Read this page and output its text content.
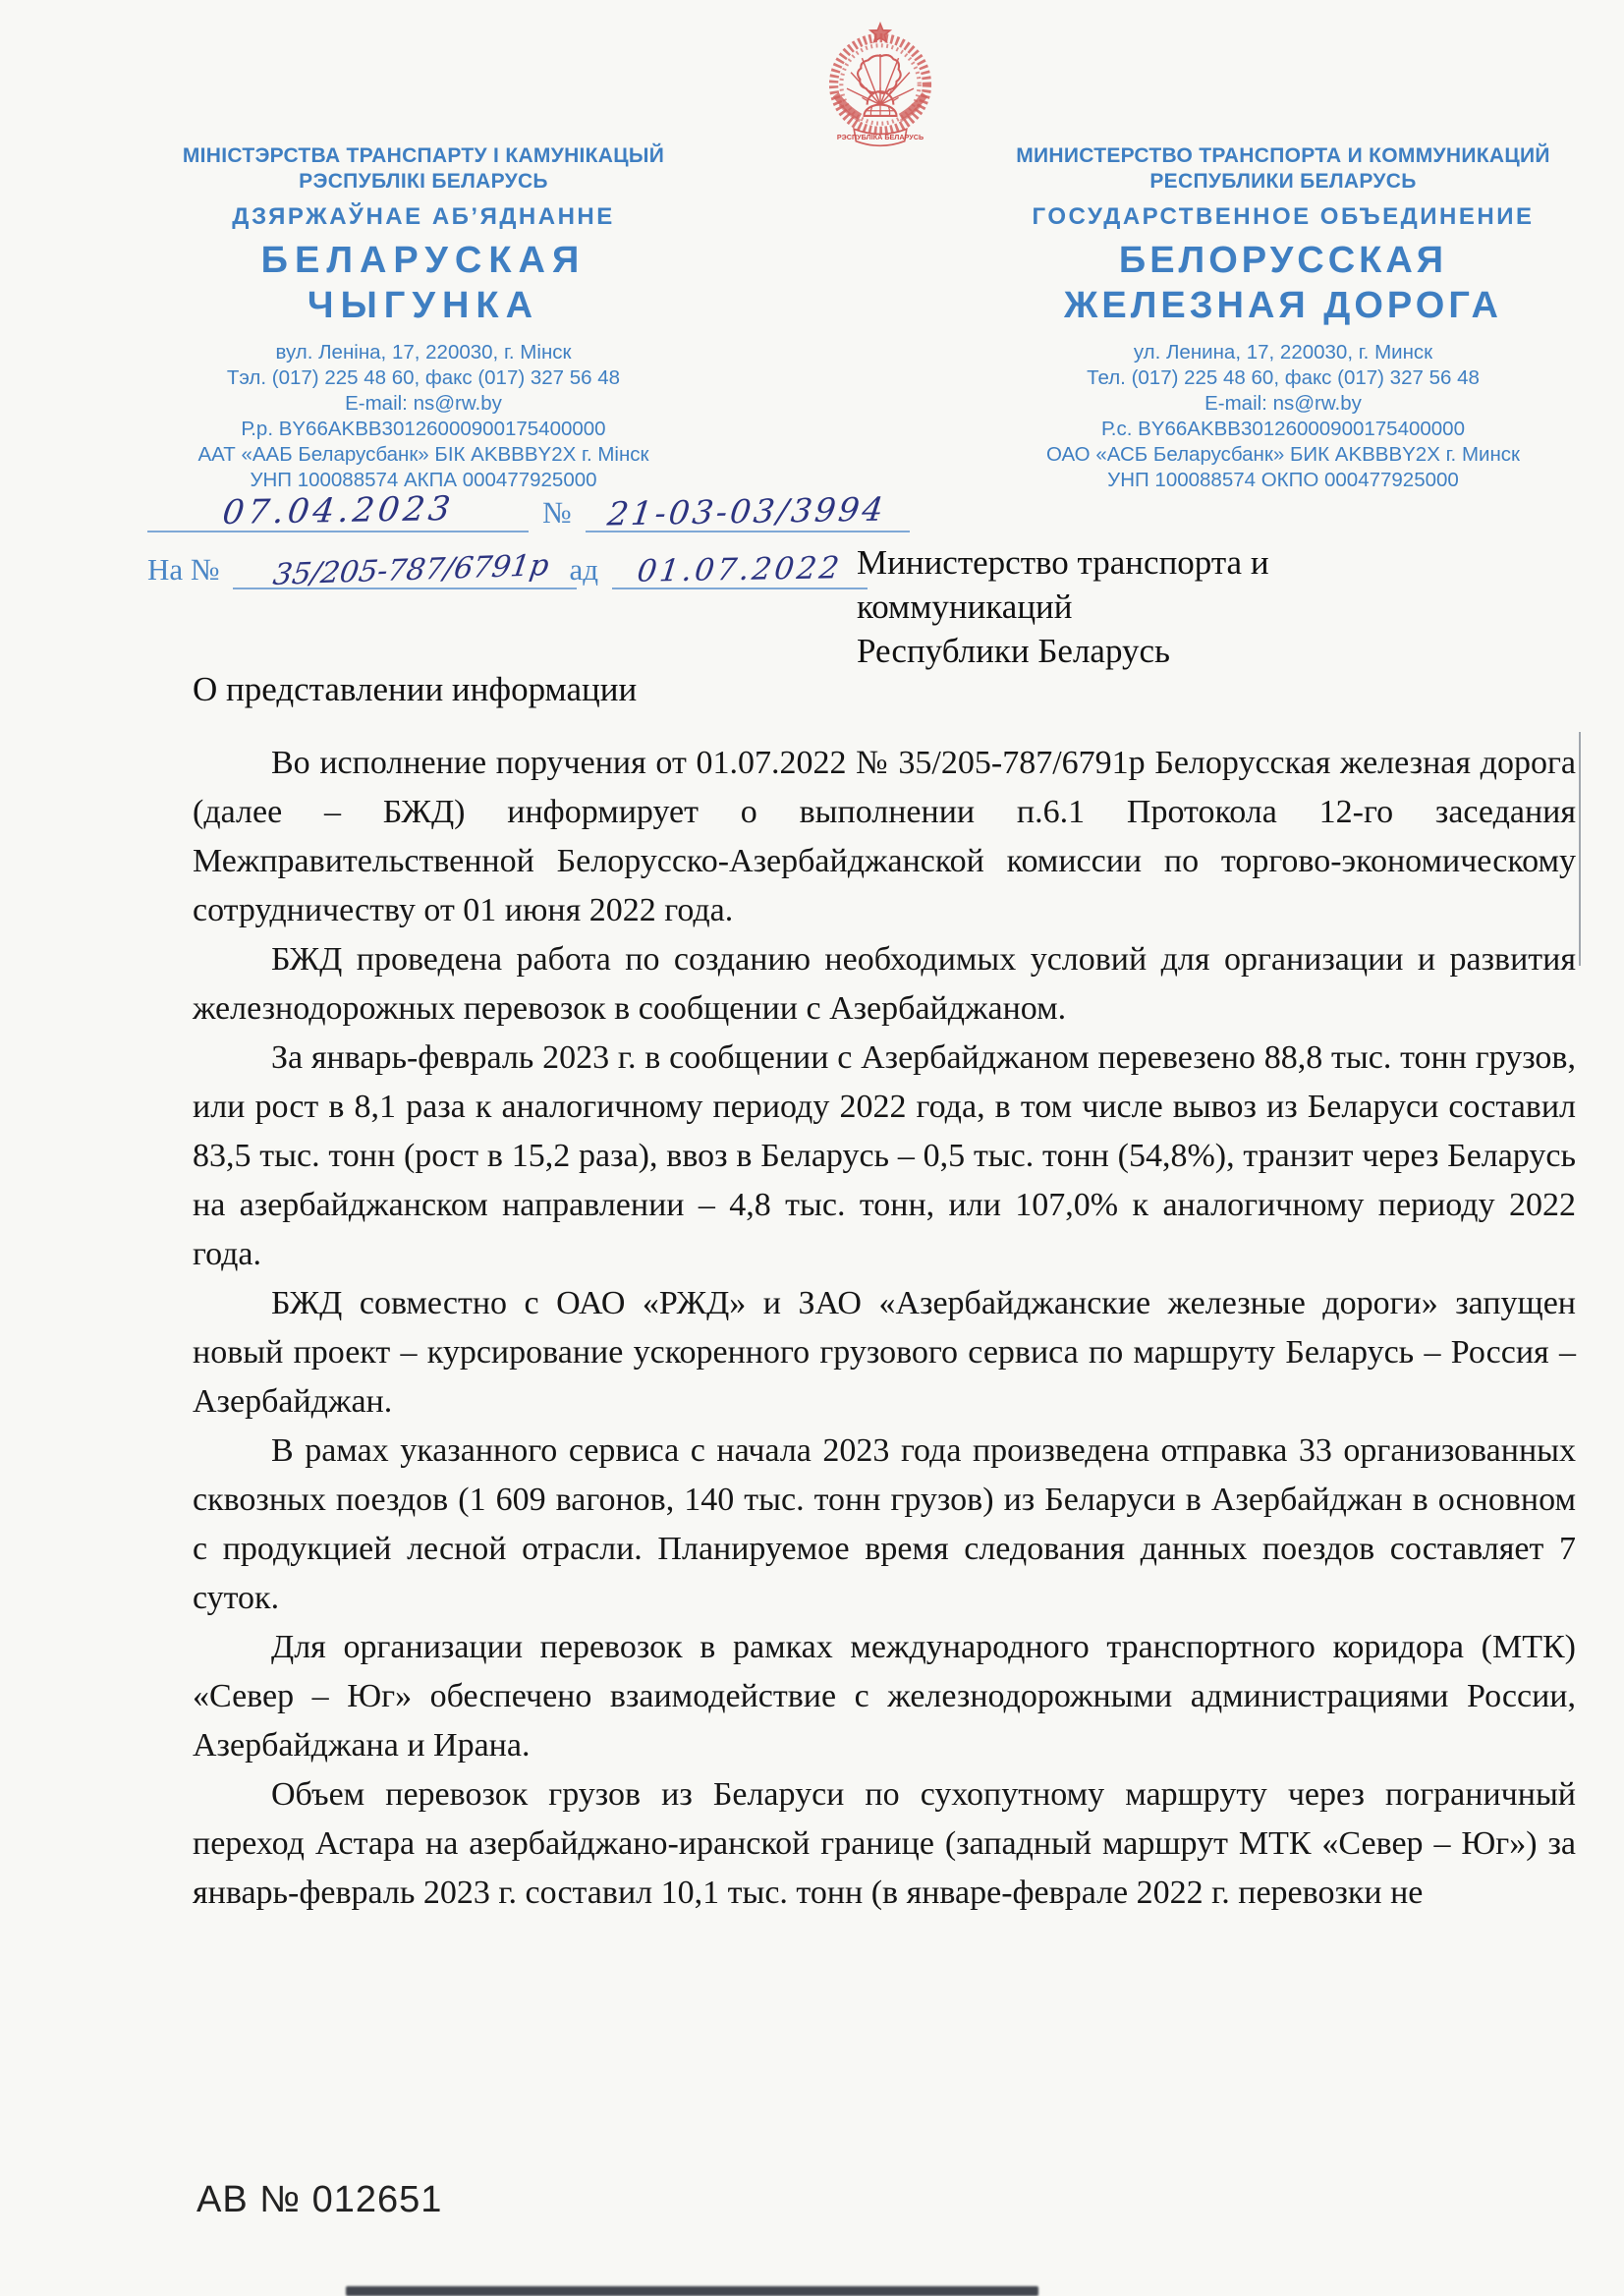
РЭСПУБЛІКА БЕЛАРУСЬ
МІНІСТЭРСТВА ТРАНСПАРТУ І КАМУНІКАЦЫЙ
РЭСПУБЛІКІ БЕЛАРУСЬ
ДЗЯРЖАЎНАЕ АБ’ЯДНАННЕ
БЕЛАРУСКАЯ
ЧЫГУНКА
вул. Леніна, 17, 220030, г. Мінск
Тэл. (017) 225 48 60, факс (017) 327 56 48
E-mail: ns@rw.by
Р.р. BY66AKBB30126000900175400000
ААТ «ААБ Беларусбанк» БІК AKBBBY2X г. Мінск
УНП 100088574 АКПА 000477925000
МИНИСТЕРСТВО ТРАНСПОРТА И КОММУНИКАЦИЙ
РЕСПУБЛИКИ БЕЛАРУСЬ
ГОСУДАРСТВЕННОЕ ОБЪЕДИНЕНИЕ
БЕЛОРУССКАЯ
ЖЕЛЕЗНАЯ ДОРОГА
ул. Ленина, 17, 220030, г. Минск
Тел. (017) 225 48 60, факс (017) 327 56 48
E-mail: ns@rw.by
Р.с. BY66AKBB30126000900175400000
ОАО «АСБ Беларусбанк» БИК AKBBBY2X г. Минск
УНП 100088574 ОКПО 000477925000
07.04.2023	№	21-03-03/3994
На №	35/205-787/6791р ад	01.07.2022 Министерство транспорта и
коммуникаций
Республики Беларусь
О представлении информации

Во исполнение поручения от 01.07.2022 № 35/205-787/6791р Белорусская железная дорога (далее – БЖД) информирует о выполнении п.6.1 Протокола 12-го заседания Межправительственной Белорусско-Азербайджанской комиссии по торгово-экономическому сотрудничеству от 01 июня 2022 года.

БЖД проведена работа по созданию необходимых условий для организации и развития железнодорожных перевозок в сообщении с Азербайджаном.

За январь-февраль 2023 г. в сообщении с Азербайджаном перевезено 88,8 тыс. тонн грузов, или рост в 8,1 раза к аналогичному периоду 2022 года, в том числе вывоз из Беларуси составил 83,5 тыс. тонн (рост в 15,2 раза), ввоз в Беларусь – 0,5 тыс. тонн (54,8%), транзит через Беларусь на азербайджанском направлении – 4,8 тыс. тонн, или 107,0% к аналогичному периоду 2022 года.

БЖД совместно с ОАО «РЖД» и ЗАО «Азербайджанские железные дороги» запущен новый проект – курсирование ускоренного грузового сервиса по маршруту Беларусь – Россия – Азербайджан.

В рамах указанного сервиса с начала 2023 года произведена отправка 33 организованных сквозных поездов (1 609 вагонов, 140 тыс. тонн грузов) из Беларуси в Азербайджан в основном с продукцией лесной отрасли. Планируемое время следования данных поездов составляет 7 суток.

Для организации перевозок в рамках международного транспортного коридора (МТК) «Север – Юг» обеспечено взаимодействие с железнодорожными администрациями России, Азербайджана и Ирана.

Объем перевозок грузов из Беларуси по сухопутному маршруту через пограничный переход Астара на азербайджано-иранской границе (западный маршрут МТК «Север – Юг») за январь-февраль 2023 г. составил 10,1 тыс. тонн (в январе-феврале 2022 г. перевозки не

АВ № 012651
